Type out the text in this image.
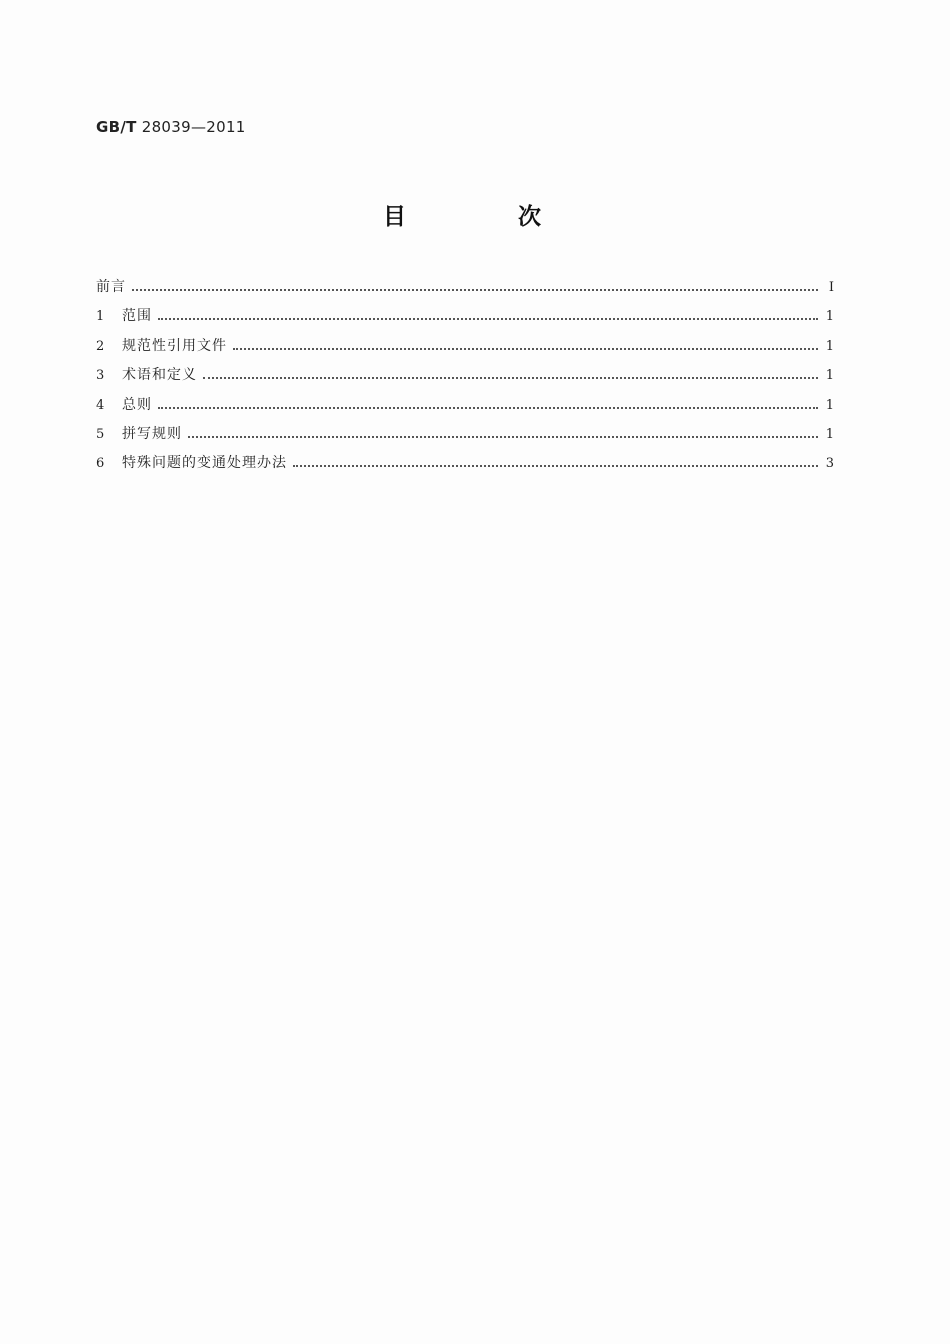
GB/T 28039—2011
目 次
前言	Ⅰ
1	范围	1
2	规范性引用文件	1
3	术语和定义	1
4	总则	1
5	拼写规则	1
6	特殊问题的变通处理办法	3
